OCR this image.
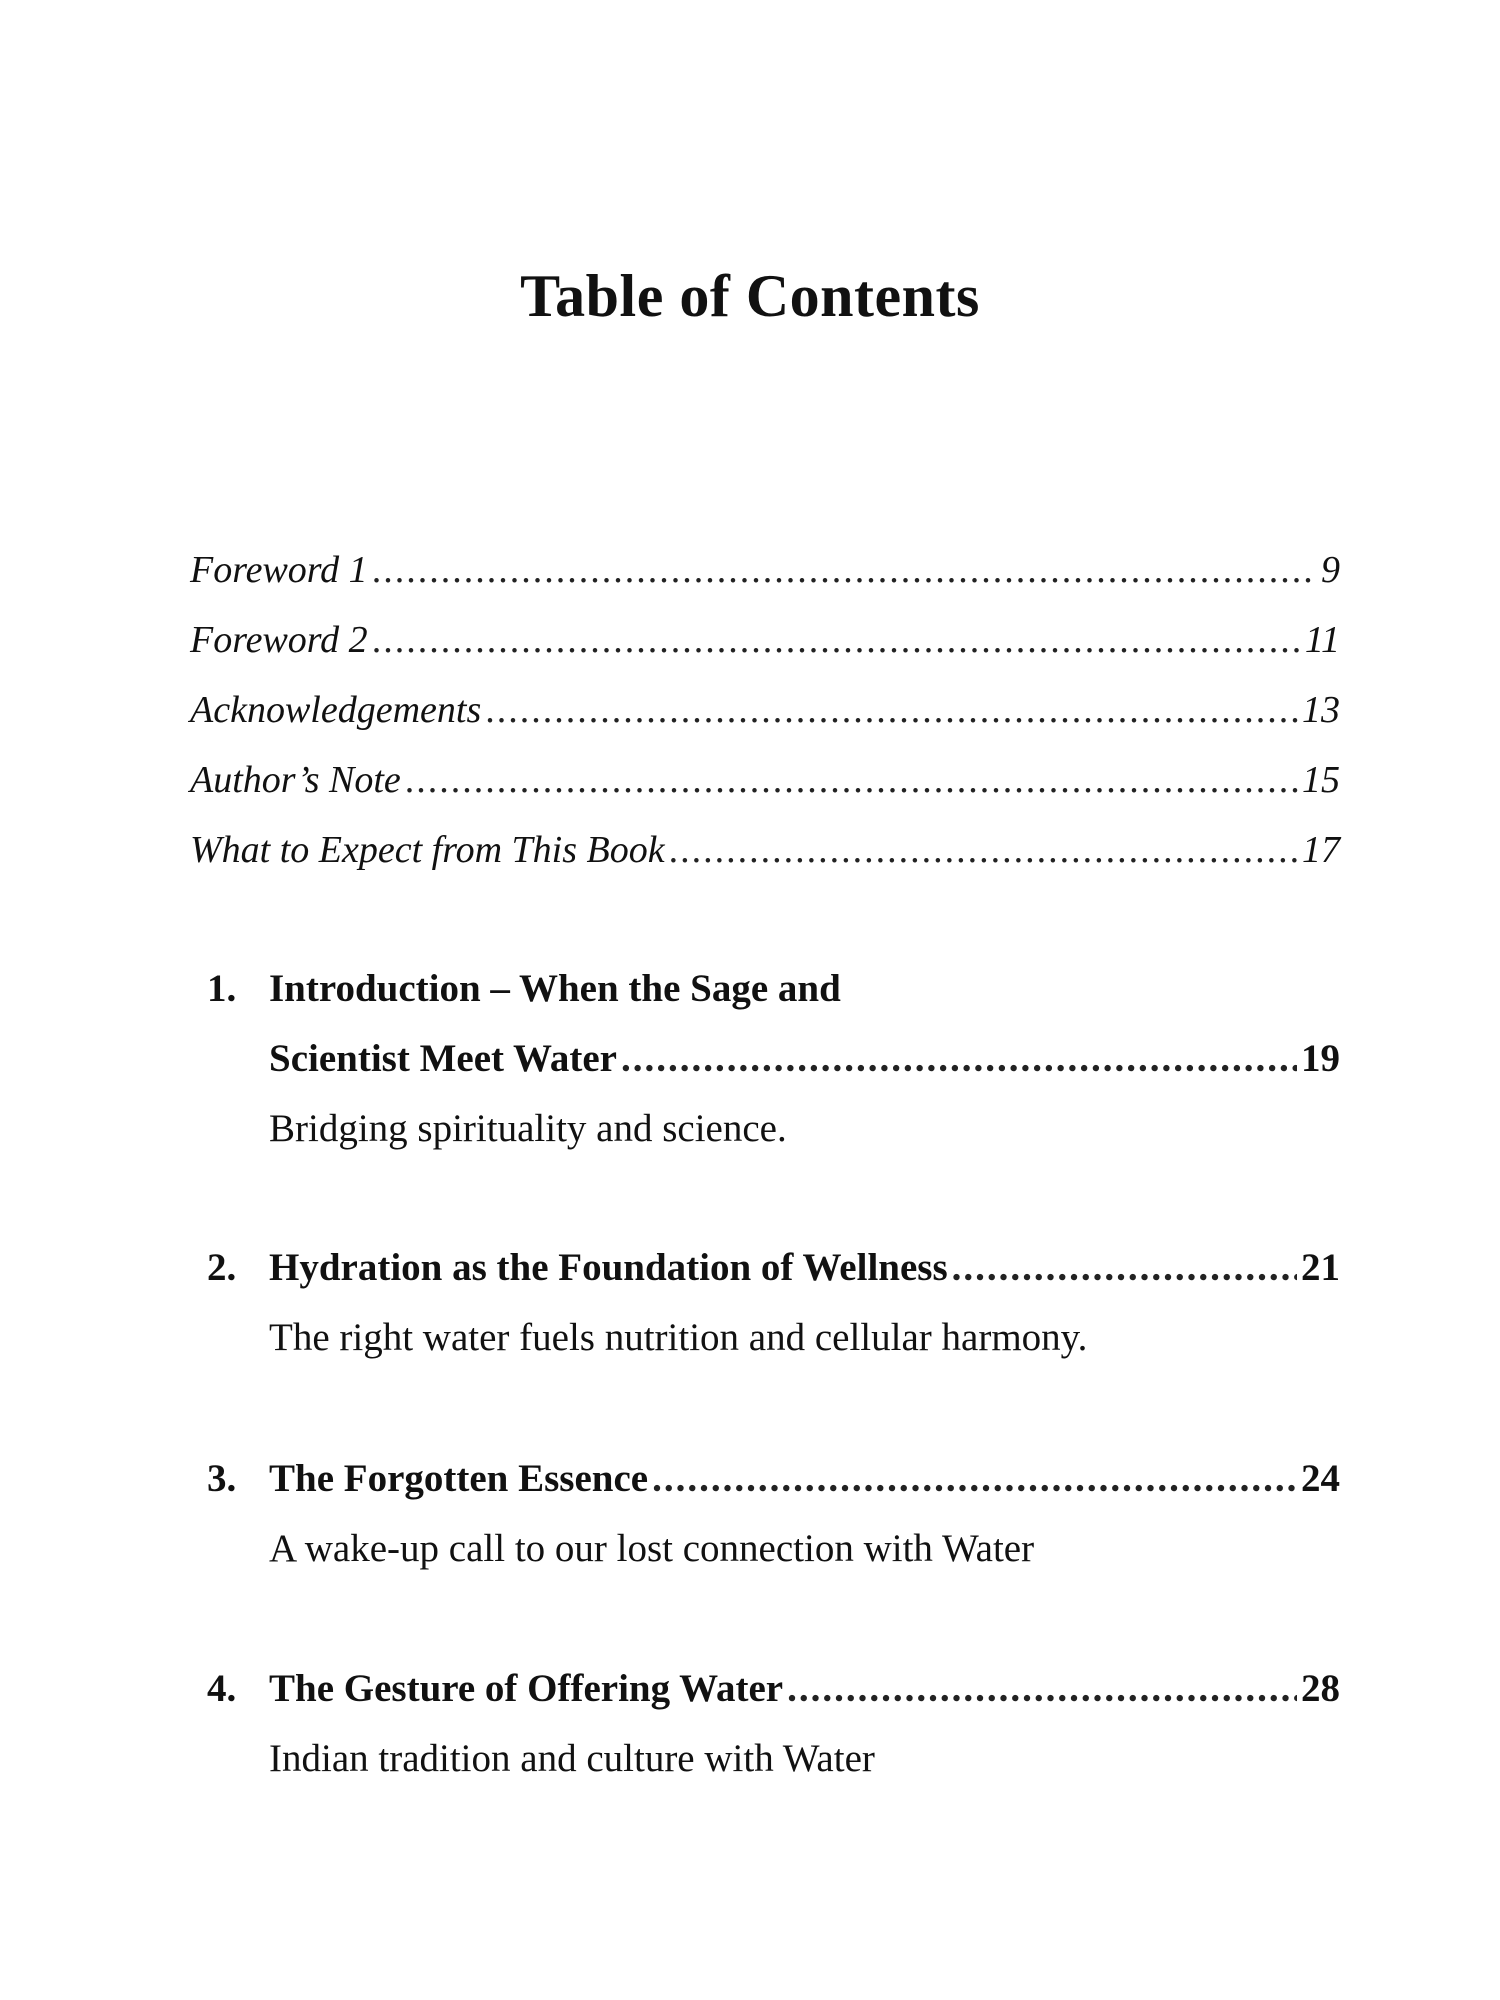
Table of Contents
Foreword 1 .....	9
Foreword 2 .....	11
Acknowledgements .....	13
Author’s Note .....	15
What to Expect from This Book .....	17
1. Introduction – When the Sage and
Scientist Meet Water .....	19
Bridging spirituality and science.
2. Hydration as the Foundation of Wellness .....	21
The right water fuels nutrition and cellular harmony.
3. The Forgotten Essence .....	24
A wake-up call to our lost connection with Water
4. The Gesture of Offering Water .....	28
Indian tradition and culture with Water
